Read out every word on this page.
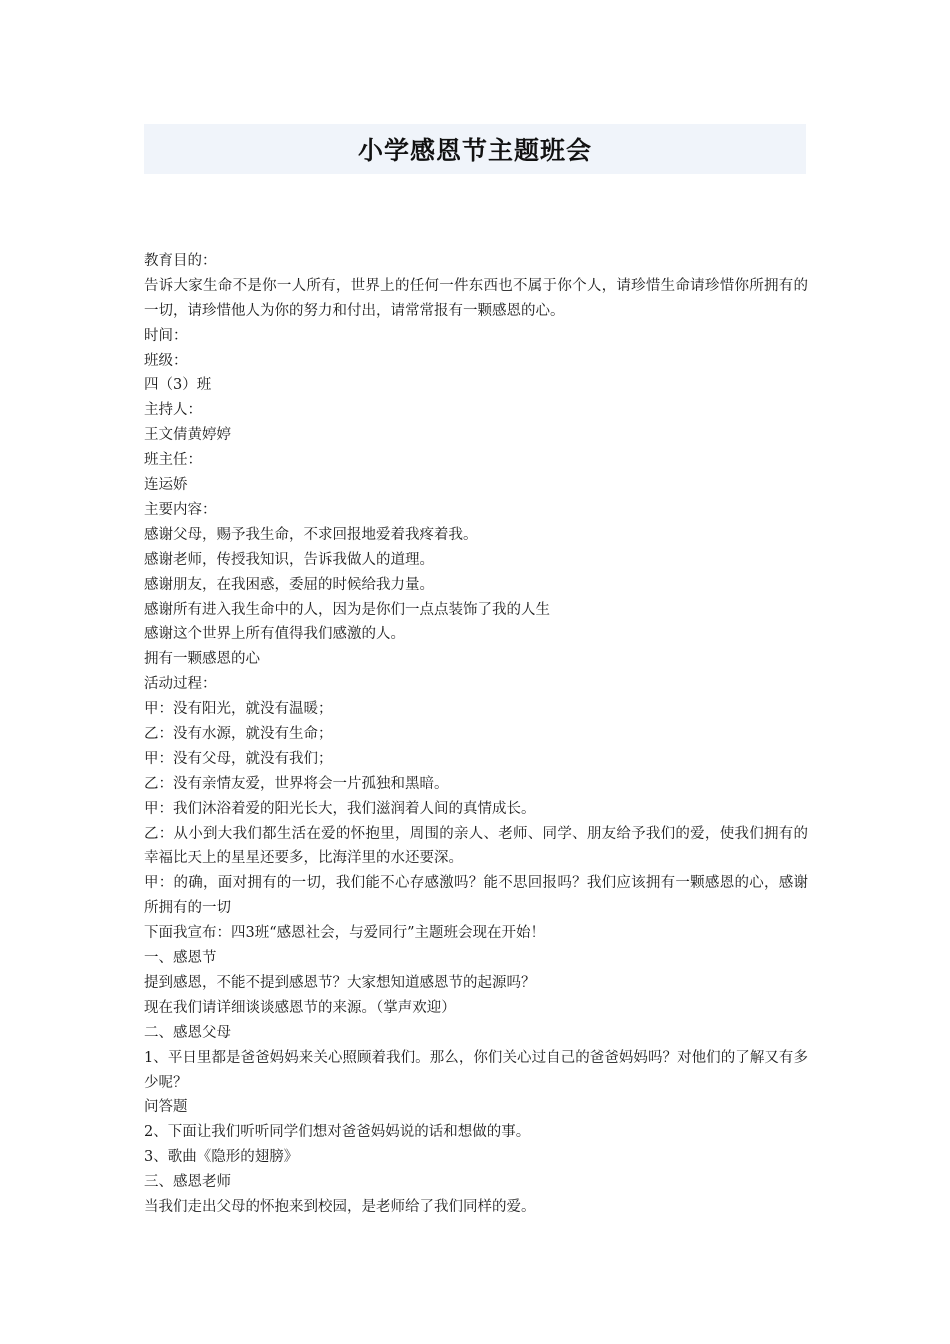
小学感恩节主题班会
教育目的：
告诉大家生命不是你一人所有，世界上的任何一件东西也不属于你个人，请珍惜生命请珍惜你所拥有的一切，请珍惜他人为你的努力和付出，请常常报有一颗感恩的心。
时间：
班级：
四（3）班
主持人：
王文倩黄婷婷
班主任：
连运娇
主要内容：
感谢父母，赐予我生命，不求回报地爱着我疼着我。
感谢老师，传授我知识，告诉我做人的道理。
感谢朋友，在我困惑，委屈的时候给我力量。
感谢所有进入我生命中的人，因为是你们一点点装饰了我的人生
感谢这个世界上所有值得我们感激的人。
拥有一颗感恩的心
活动过程：
甲：没有阳光，就没有温暖；
乙：没有水源，就没有生命；
甲：没有父母，就没有我们；
乙：没有亲情友爱，世界将会一片孤独和黑暗。
甲：我们沐浴着爱的阳光长大，我们滋润着人间的真情成长。
乙：从小到大我们都生活在爱的怀抱里，周围的亲人、老师、同学、朋友给予我们的爱，使我们拥有的幸福比天上的星星还要多，比海洋里的水还要深。
甲：的确，面对拥有的一切，我们能不心存感激吗？能不思回报吗？我们应该拥有一颗感恩的心，感谢所拥有的一切
下面我宣布：四3班“感恩社会，与爱同行”主题班会现在开始！
一、感恩节
提到感恩，不能不提到感恩节？大家想知道感恩节的起源吗？
现在我们请详细谈谈感恩节的来源。（掌声欢迎）
二、感恩父母
1、平日里都是爸爸妈妈来关心照顾着我们。那么，你们关心过自己的爸爸妈妈吗？对他们的了解又有多少呢？
问答题
2、下面让我们听听同学们想对爸爸妈妈说的话和想做的事。
3、歌曲《隐形的翅膀》
三、感恩老师
当我们走出父母的怀抱来到校园，是老师给了我们同样的爱。
